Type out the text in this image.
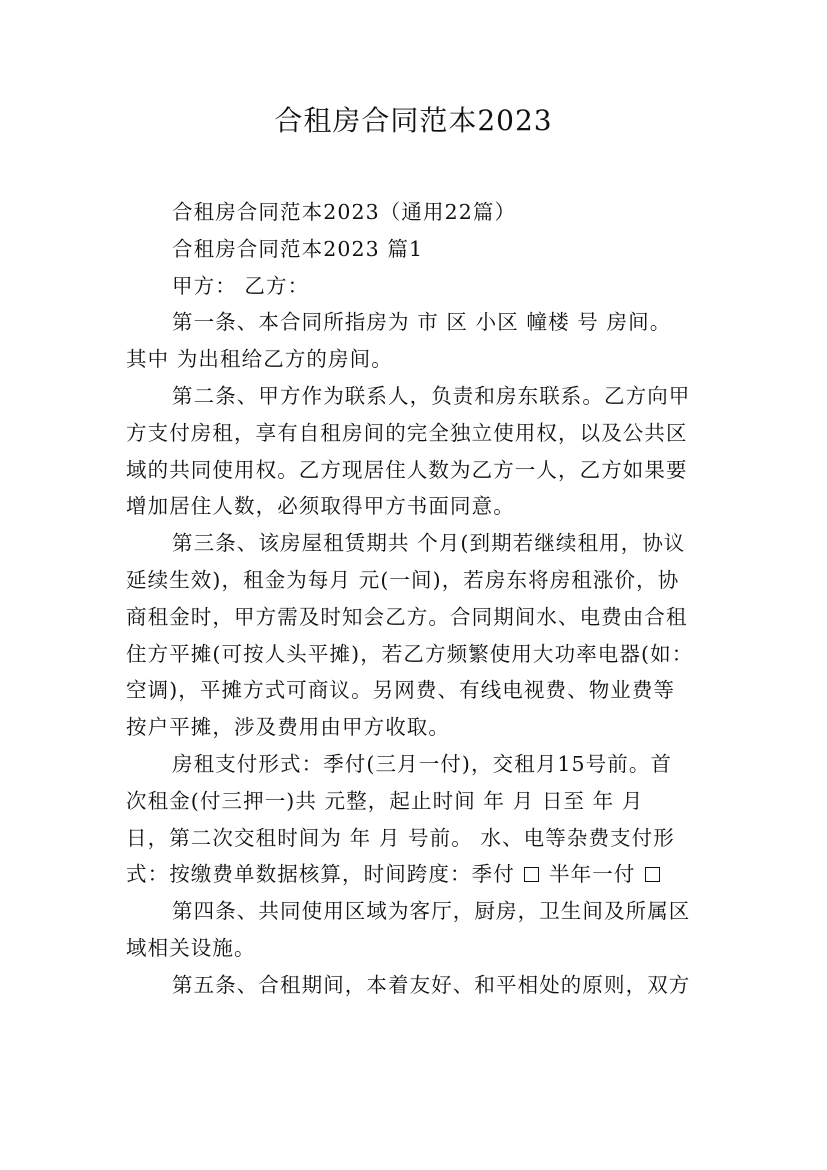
合租房合同范本2023
合租房合同范本2023（通用22篇）
合租房合同范本2023 篇1
甲方： 乙方：
第一条、本合同所指房为 市 区 小区 幢楼 号 房间。
其中 为出租给乙方的房间。
第二条、甲方作为联系人，负责和房东联系。乙方向甲
方支付房租，享有自租房间的完全独立使用权，以及公共区
域的共同使用权。乙方现居住人数为乙方一人，乙方如果要
增加居住人数，必须取得甲方书面同意。
第三条、该房屋租赁期共 个月(到期若继续租用，协议
延续生效)，租金为每月 元(一间)，若房东将房租涨价，协
商租金时，甲方需及时知会乙方。合同期间水、电费由合租
住方平摊(可按人头平摊)，若乙方频繁使用大功率电器(如：
空调)，平摊方式可商议。另网费、有线电视费、物业费等
按户平摊，涉及费用由甲方收取。
房租支付形式：季付(三月一付)，交租月15号前。首
次租金(付三押一)共 元整，起止时间 年 月 日至 年 月
日，第二次交租时间为 年 月 号前。 水、电等杂费支付形
式：按缴费单数据核算，时间跨度：季付 半年一付
第四条、共同使用区域为客厅，厨房，卫生间及所属区
域相关设施。
第五条、合租期间，本着友好、和平相处的原则，双方
